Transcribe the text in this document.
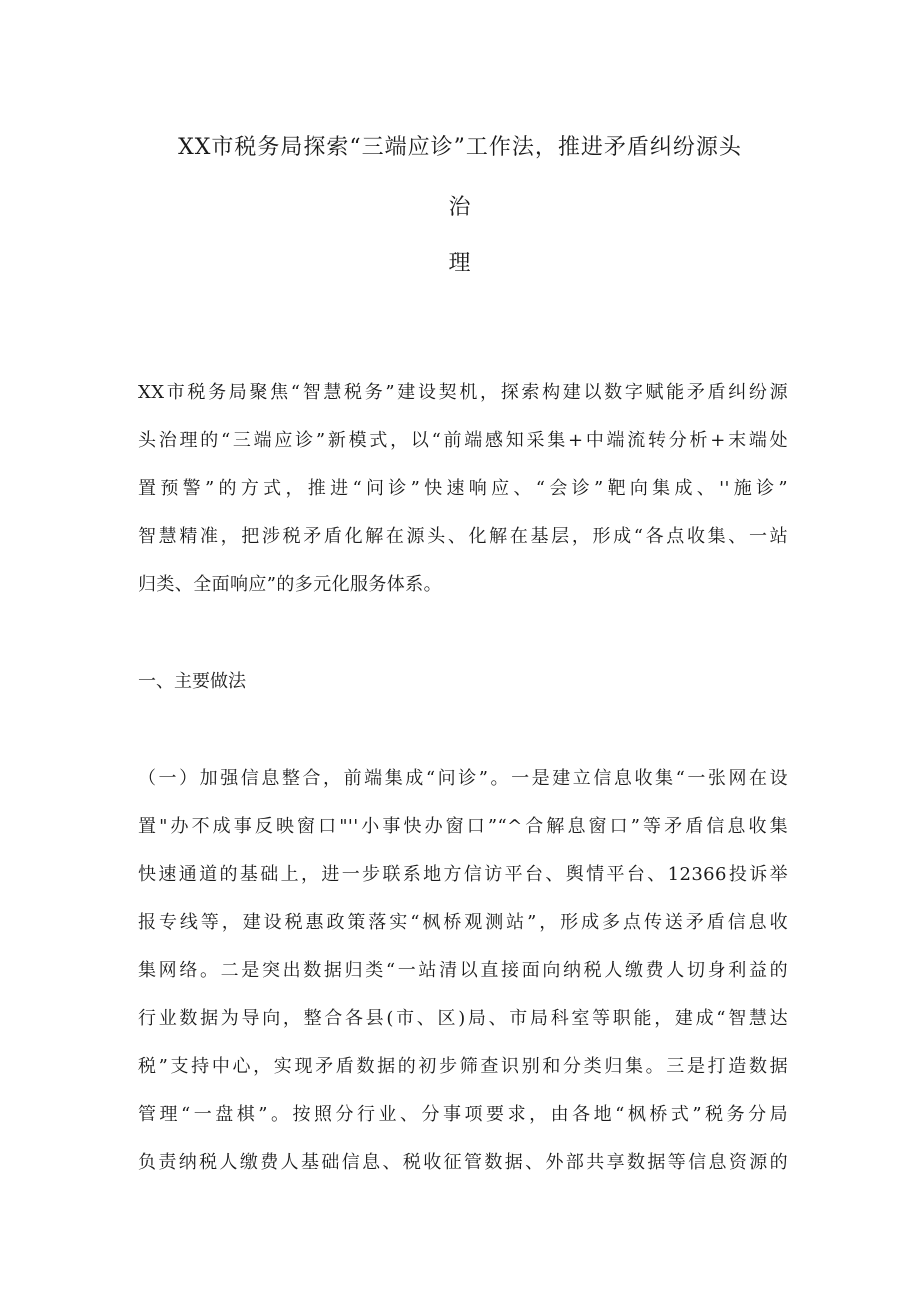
XX市税务局探索“三端应诊”工作法，推进矛盾纠纷源头
治
理
XX市税务局聚焦“智慧税务”建设契机，探索构建以数字赋能矛盾纠纷源
头治理的“三端应诊”新模式，以“前端感知采集+中端流转分析+末端处
置预警”的方式，推进“问诊”快速响应、“会诊”靶向集成、''施诊”
智慧精准，把涉税矛盾化解在源头、化解在基层，形成“各点收集、一站
归类、全面响应”的多元化服务体系。
一、主要做法
（一）加强信息整合，前端集成“问诊”。一是建立信息收集“一张网在设
置"办不成事反映窗口"''小事快办窗口”“^合解息窗口”等矛盾信息收集
快速通道的基础上，进一步联系地方信访平台、舆情平台、12366投诉举
报专线等，建设税惠政策落实“枫桥观测站”，形成多点传送矛盾信息收
集网络。二是突出数据归类“一站清以直接面向纳税人缴费人切身利益的
行业数据为导向，整合各县(市、区)局、市局科室等职能，建成“智慧达
税”支持中心，实现矛盾数据的初步筛查识别和分类归集。三是打造数据
管理“一盘棋”。按照分行业、分事项要求，由各地“枫桥式”税务分局
负责纳税人缴费人基础信息、税收征管数据、外部共享数据等信息资源的
